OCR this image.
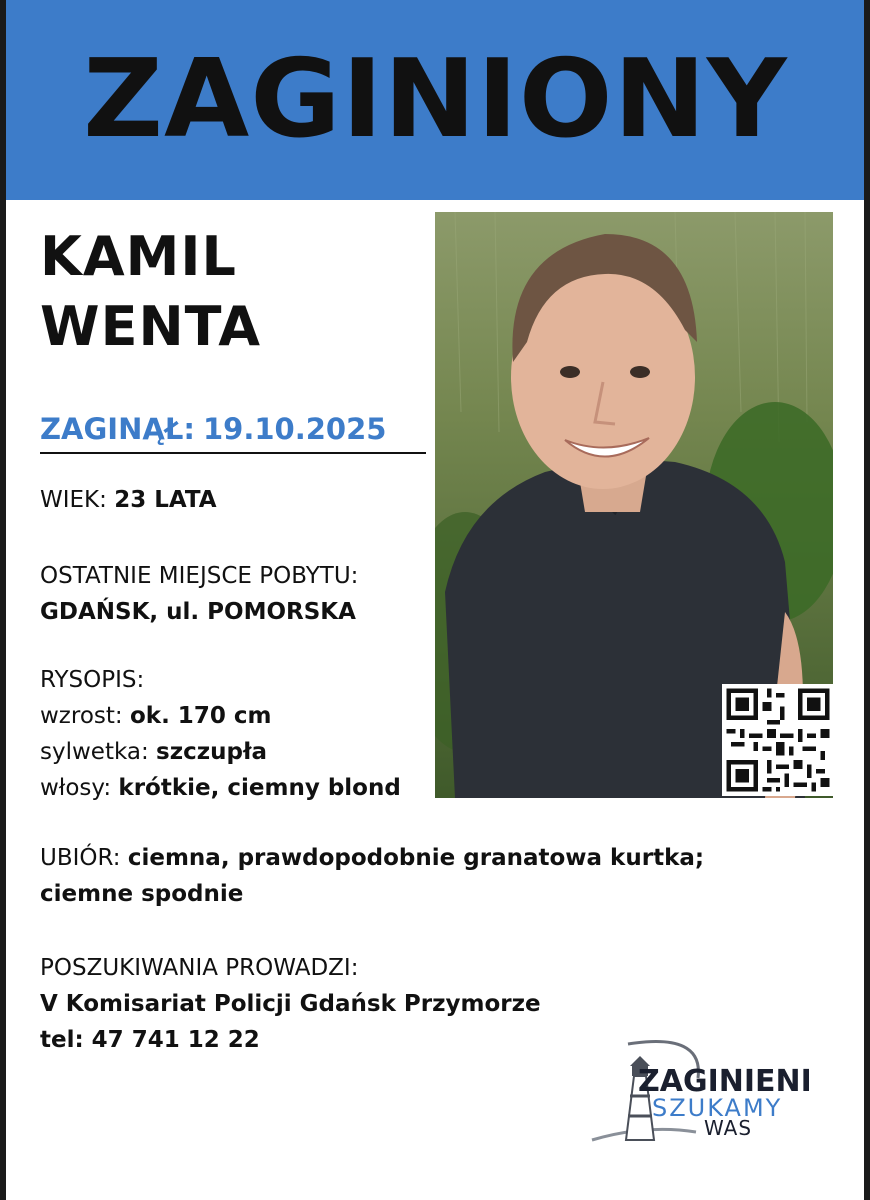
ZAGINIONY
KAMIL
WENTA
ZAGINĄŁ: 19.10.2025
WIEK: 23 LATA
OSTATNIE MIEJSCE POBYTU:
GDAŃSK, ul. POMORSKA
RYSOPIS:
wzrost: ok. 170 cm
sylwetka: szczupła
włosy: krótkie, ciemny blond
UBIÓR: ciemna, prawdopodobnie granatowa kurtka;
ciemne spodnie
POSZUKIWANIA PROWADZI:
V Komisariat Policji Gdańsk Przymorze
tel: 47 741 12 22
ZAGINIENI
SZUKAMY
WAS
